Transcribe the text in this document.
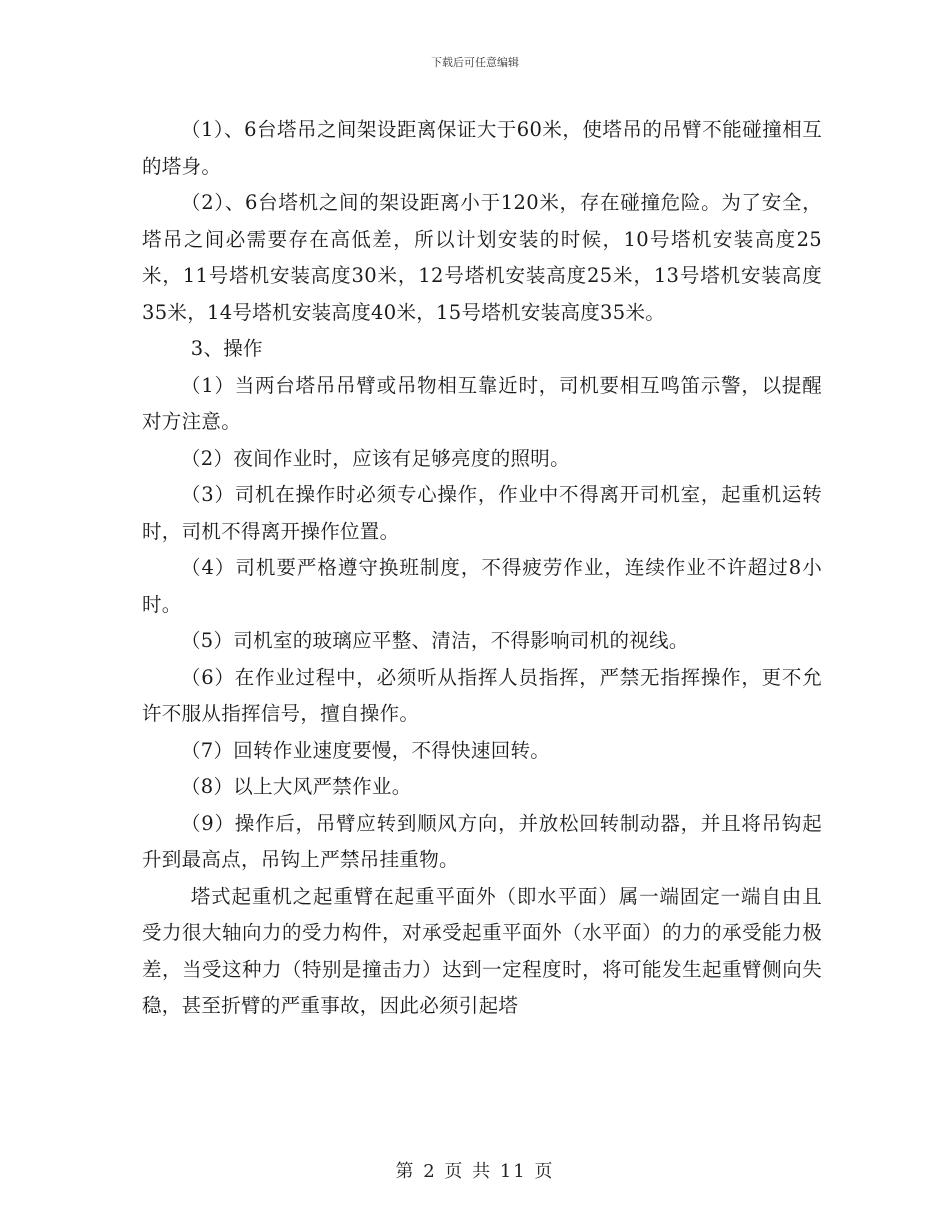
下载后可任意编辑

（1）、6台塔吊之间架设距离保证大于60米，使塔吊的吊臂不能碰撞相互的塔身。

（2）、6台塔机之间的架设距离小于120米，存在碰撞危险。为了安全，塔吊之间必需要存在高低差，所以计划安装的时候，10号塔机安装高度25米，11号塔机安装高度30米，12号塔机安装高度25米，13号塔机安装高度35米，14号塔机安装高度40米，15号塔机安装高度35米。

3、操作

（1）当两台塔吊吊臂或吊物相互靠近时，司机要相互鸣笛示警，以提醒对方注意。

（2）夜间作业时，应该有足够亮度的照明。

（3）司机在操作时必须专心操作，作业中不得离开司机室，起重机运转时，司机不得离开操作位置。

（4）司机要严格遵守换班制度，不得疲劳作业，连续作业不许超过8小时。

（5）司机室的玻璃应平整、清洁，不得影响司机的视线。

（6）在作业过程中，必须听从指挥人员指挥，严禁无指挥操作，更不允许不服从指挥信号，擅自操作。

（7）回转作业速度要慢，不得快速回转。

（8）以上大风严禁作业。

（9）操作后，吊臂应转到顺风方向，并放松回转制动器，并且将吊钩起升到最高点，吊钩上严禁吊挂重物。

塔式起重机之起重臂在起重平面外（即水平面）属一端固定一端自由且受力很大轴向力的受力构件，对承受起重平面外（水平面）的力的承受能力极差，当受这种力（特别是撞击力）达到一定程度时，将可能发生起重臂侧向失稳，甚至折臂的严重事故，因此必须引起塔

第 2 页 共 11 页
